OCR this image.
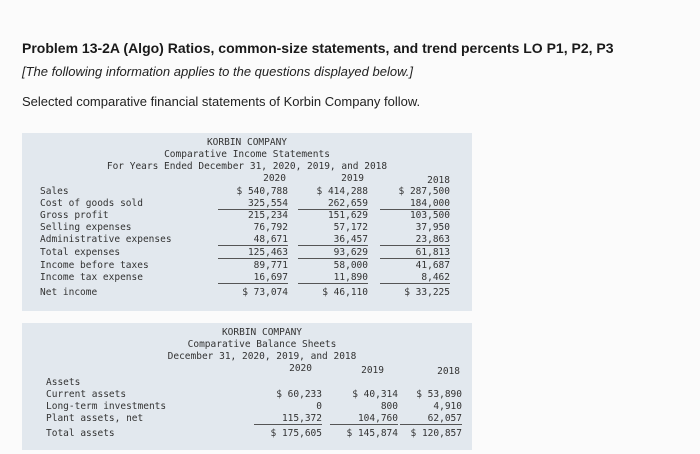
Problem 13-2A (Algo) Ratios, common-size statements, and trend percents LO P1, P2, P3

[The following information applies to the questions displayed below.]
Selected comparative financial statements of Korbin Company follow.
KORBIN COMPANY
Comparative Income Statements
For Years Ended December 31, 2020, 2019, and 2018
2020	2019	2018
Sales	$ 540,788	$ 414,288	$ 287,500
Cost of goods sold	325,554	262,659	184,000
Gross profit	215,234	151,629	103,500
Selling expenses	76,792	57,172	37,950
Administrative expenses	48,671	36,457	23,863
Total expenses	125,463	93,629	61,813
Income before taxes	89,771	58,000	41,687
Income tax expense	16,697	11,890	8,462
Net income	$ 73,074	$ 46,110	$ 33,225
KORBIN COMPANY
Comparative Balance Sheets
December 31, 2020, 2019, and 2018
2020	2019	2018
Assets
Current assets	$ 60,233	$ 40,314	$ 53,890
Long-term investments	0	800	4,910
Plant assets, net	115,372	104,760	62,057
Total assets	$ 175,605	$ 145,874	$ 120,857
